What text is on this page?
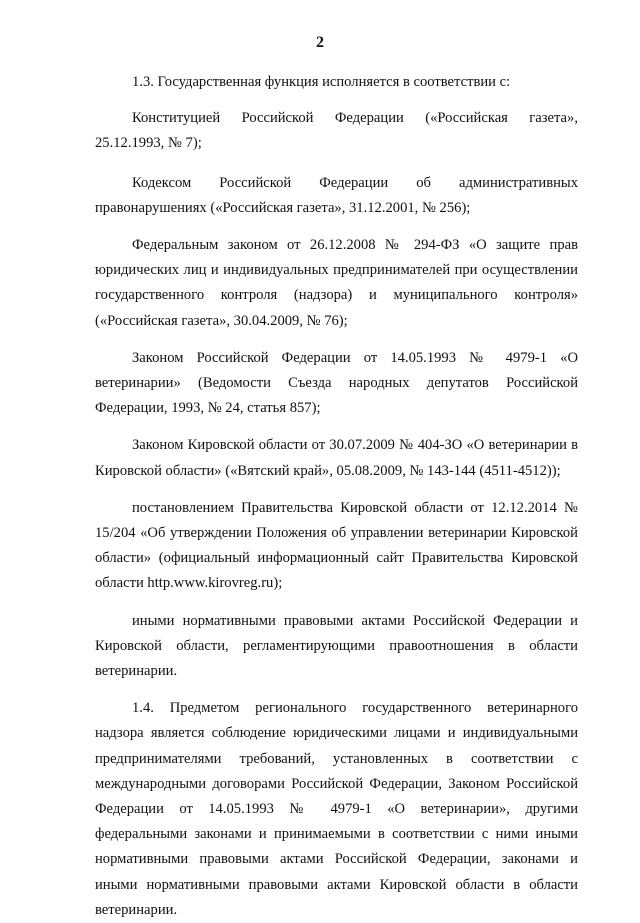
2

1.3. Государственная функция исполняется в соответствии с:

Конституцией Российской Федерации («Российская газета», 25.12.1993, № 7);

Кодексом Российской Федерации об административных правонарушениях («Российская газета», 31.12.2001, № 256);

Федеральным законом от 26.12.2008 № 294-ФЗ «О защите прав юридических лиц и индивидуальных предпринимателей при осуществлении государственного контроля (надзора) и муниципального контроля» («Российская газета», 30.04.2009, № 76);

Законом Российской Федерации от 14.05.1993 № 4979-1 «О ветеринарии» (Ведомости Съезда народных депутатов Российской Федерации, 1993, № 24, статья 857);

Законом Кировской области от 30.07.2009 № 404-ЗО «О ветеринарии в Кировской области» («Вятский край», 05.08.2009, № 143-144 (4511-4512));

постановлением Правительства Кировской области от 12.12.2014 № 15/204 «Об утверждении Положения об управлении ветеринарии Кировской области» (официальный информационный сайт Правительства Кировской области http.www.kirovreg.ru);

иными нормативными правовыми актами Российской Федерации и Кировской области, регламентирующими правоотношения в области ветеринарии.

1.4. Предметом регионального государственного ветеринарного надзора является соблюдение юридическими лицами и индивидуальными предпринимателями требований, установленных в соответствии с международными договорами Российской Федерации, Законом Российской Федерации от 14.05.1993 № 4979-1 «О ветеринарии», другими федеральными законами и принимаемыми в соответствии с ними иными нормативными правовыми актами Российской Федерации, законами и иными нормативными правовыми актами Кировской области в области ветеринарии.
